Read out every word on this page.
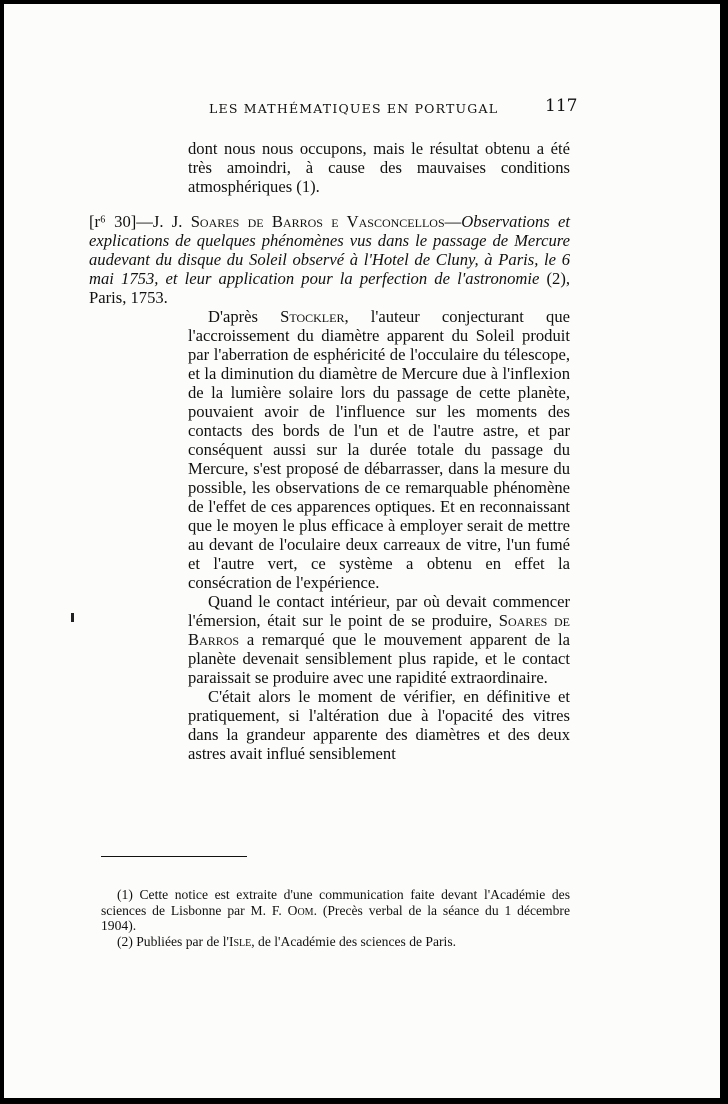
LES MATHÉMATIQUES EN PORTUGAL	117
dont nous nous occupons, mais le résultat obtenu a été très amoindri, à cause des mauvaises conditions atmosphériques (1).
[r⁶ 30]—J. J. Soares de Barros e Vasconcellos—Observations et explications de quelques phénomènes vus dans le passage de Mercure audevant du disque du Soleil observé à l'Hotel de Cluny, à Paris, le 6 mai 1753, et leur application pour la perfection de l'astronomie (2), Paris, 1753.

D'après Stockler, l'auteur conjecturant que l'accroissement du diamètre apparent du Soleil produit par l'aberration de esphéricité de l'occulaire du télescope, et la diminution du diamètre de Mercure due à l'inflexion de la lumière solaire lors du passage de cette planète, pouvaient avoir de l'influence sur les moments des contacts des bords de l'un et de l'autre astre, et par conséquent aussi sur la durée totale du passage du Mercure, s'est proposé de débarrasser, dans la mesure du possible, les observations de ce remarquable phénomène de l'effet de ces apparences optiques. Et en reconnaissant que le moyen le plus efficace à employer serait de mettre au devant de l'oculaire deux carreaux de vitre, l'un fumé et l'autre vert, ce système a obtenu en effet la consécration de l'expérience.

Quand le contact intérieur, par où devait commencer l'émersion, était sur le point de se produire, Soares de Barros a remarqué que le mouvement apparent de la planète devenait sensiblement plus rapide, et le contact paraissait se produire avec une rapidité extraordinaire.

C'était alors le moment de vérifier, en définitive et pratiquement, si l'altération due à l'opacité des vitres dans la grandeur apparente des diamètres et des deux astres avait influé sensiblement

(1) Cette notice est extraite d'une communication faite devant l'Académie des sciences de Lisbonne par M. F. Oom. (Precès verbal de la séance du 1 décembre 1904).

(2) Publiées par de l'Isle, de l'Académie des sciences de Paris.
